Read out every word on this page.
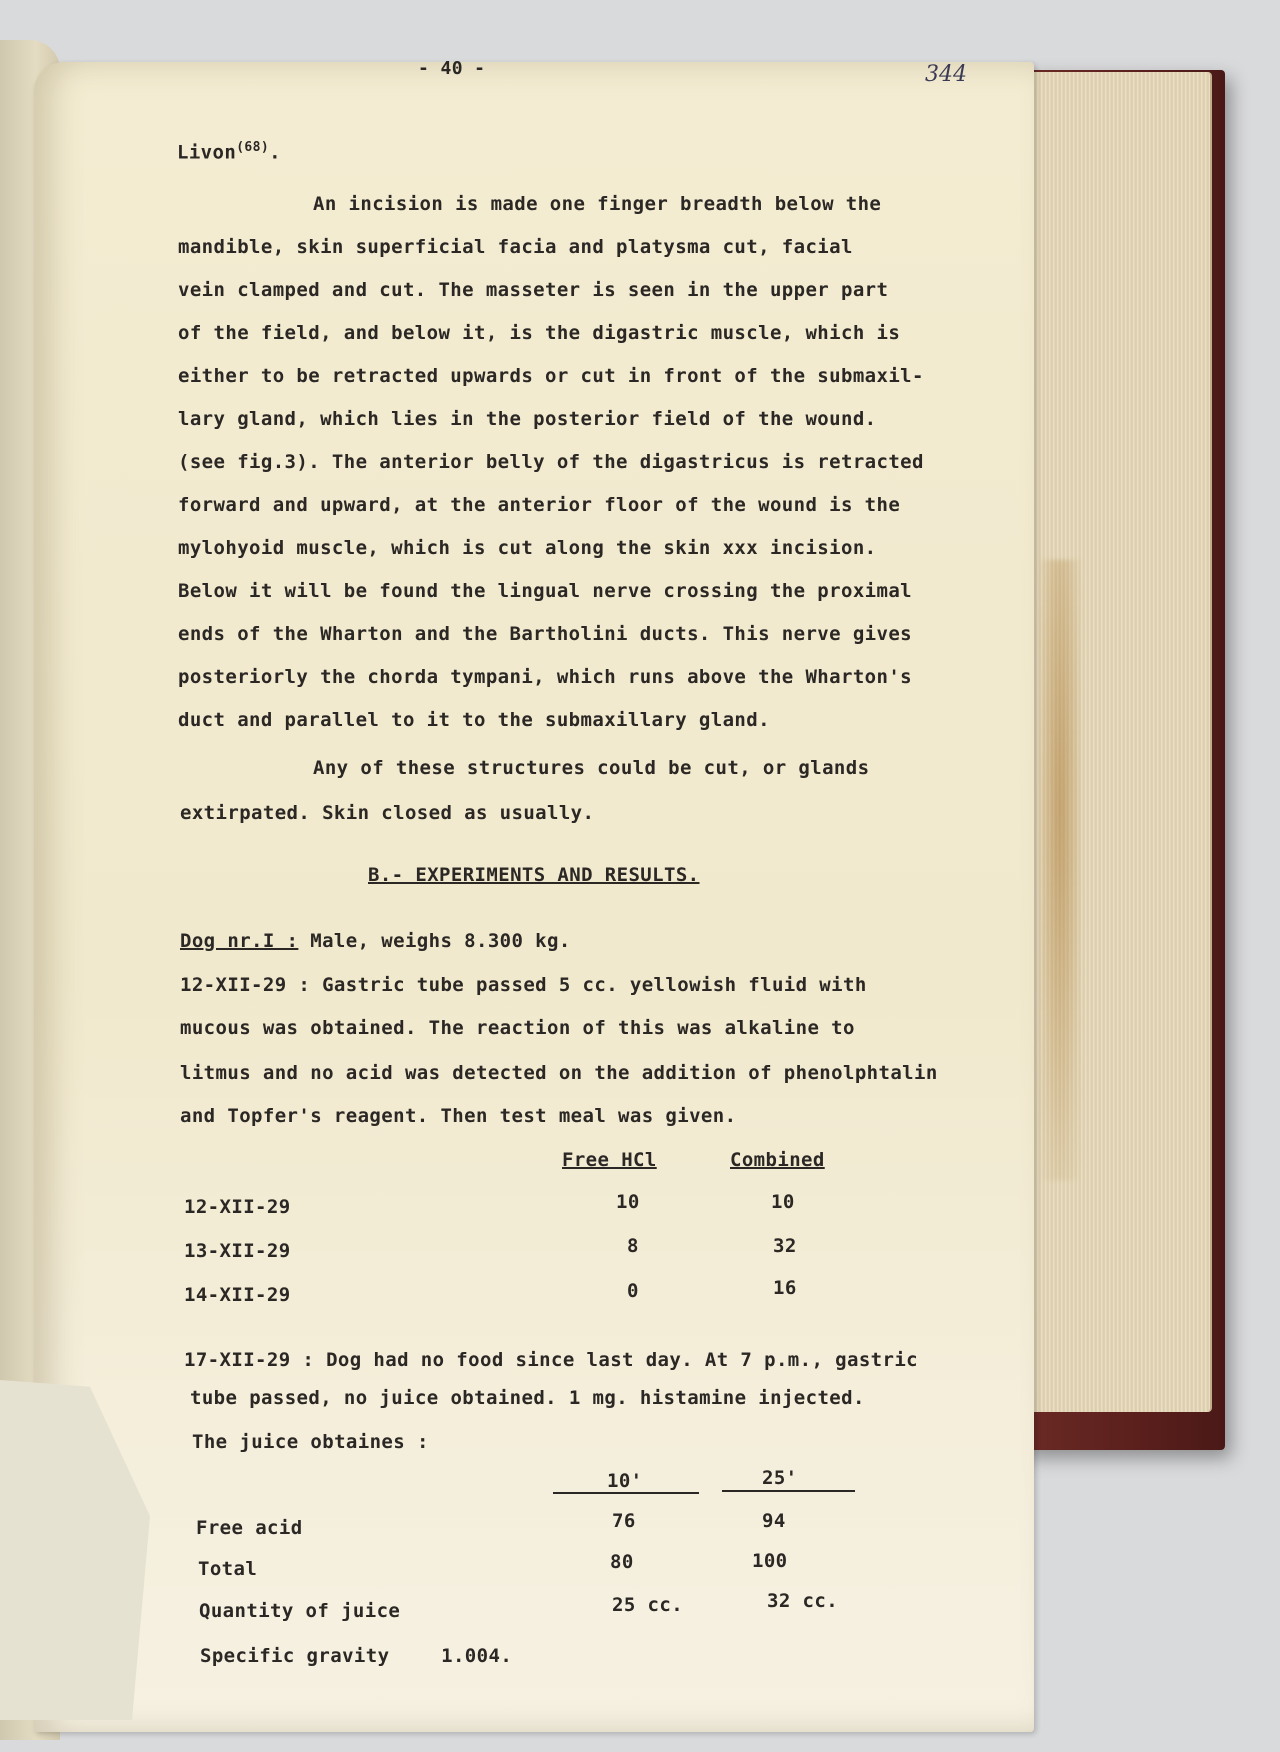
- 40 -	344
Livon$^{(68)}$.
An incision is made one finger breadth below the
mandible, skin superficial facia and platysma cut, facial
vein clamped and cut. The masseter is seen in the upper part
of the field, and below it, is the digastric muscle, which is
either to be retracted upwards or cut in front of the submaxil-
lary gland, which lies in the posterior field of the wound.
(see fig.3). The anterior belly of the digastricus is retracted
forward and upward, at the anterior floor of the wound is the
mylohyoid muscle, which is cut along the skin xxx incision.
Below it will be found the lingual nerve crossing the proximal
ends of the Wharton and the Bartholini ducts. This nerve gives
posteriorly the chorda tympani, which runs above the Wharton's
duct and parallel to it to the submaxillary gland.
Any of these structures could be cut, or glands
extirpated. Skin closed as usually.
B.- EXPERIMENTS AND RESULTS.
Dog nr.I : Male, weighs 8.300 kg.
12-XII-29 : Gastric tube passed 5 cc. yellowish fluid with
mucous was obtained. The reaction of this was alkaline to
litmus and no acid was detected on the addition of phenolphtalin
and Topfer's reagent. Then test meal was given.
Free HCl	Combined
12-XII-29	10	10
13-XII-29	8	32
14-XII-29	0	16
17-XII-29 : Dog had no food since last day. At 7 p.m., gastric
tube passed, no juice obtained. 1 mg. histamine injected.
The juice obtaines :
10'	25'
Free acid	76	94
Total	80	100
Quantity of juice	25 cc.	32 cc.
Specific gravity	1.004.
